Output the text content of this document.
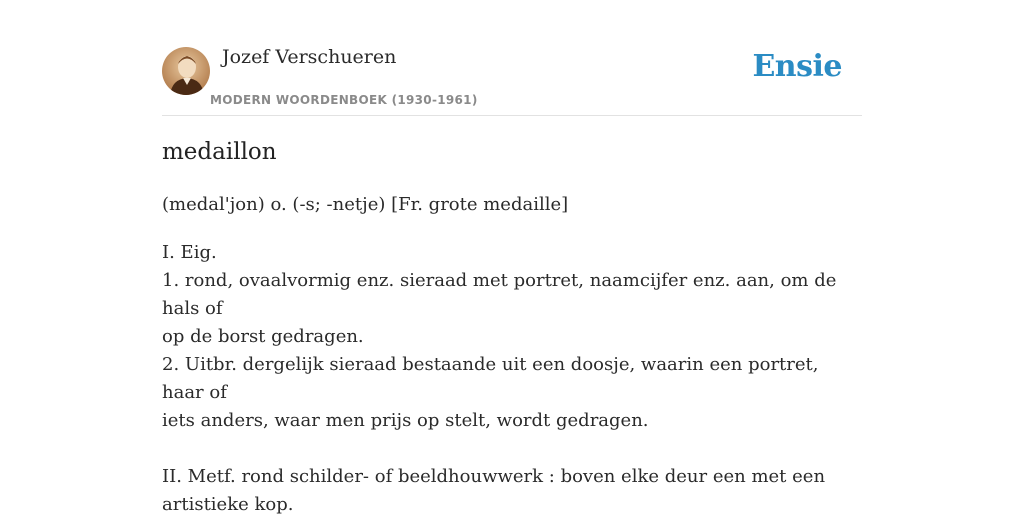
Jozef Verschueren
MODERN WOORDENBOEK (1930-1961)
Ensie
medaillon
(medal'jon) o. (-s; -netje) [Fr. grote medaille]
I. Eig.
1. rond, ovaalvormig enz. sieraad met portret, naamcijfer enz. aan, om de hals of
op de borst gedragen.
2. Uitbr. dergelijk sieraad bestaande uit een doosje, waarin een portret, haar of
iets anders, waar men prijs op stelt, wordt gedragen.
II. Metf. rond schilder- of beeldhouwwerk : boven elke deur een met een
artistieke kop.
